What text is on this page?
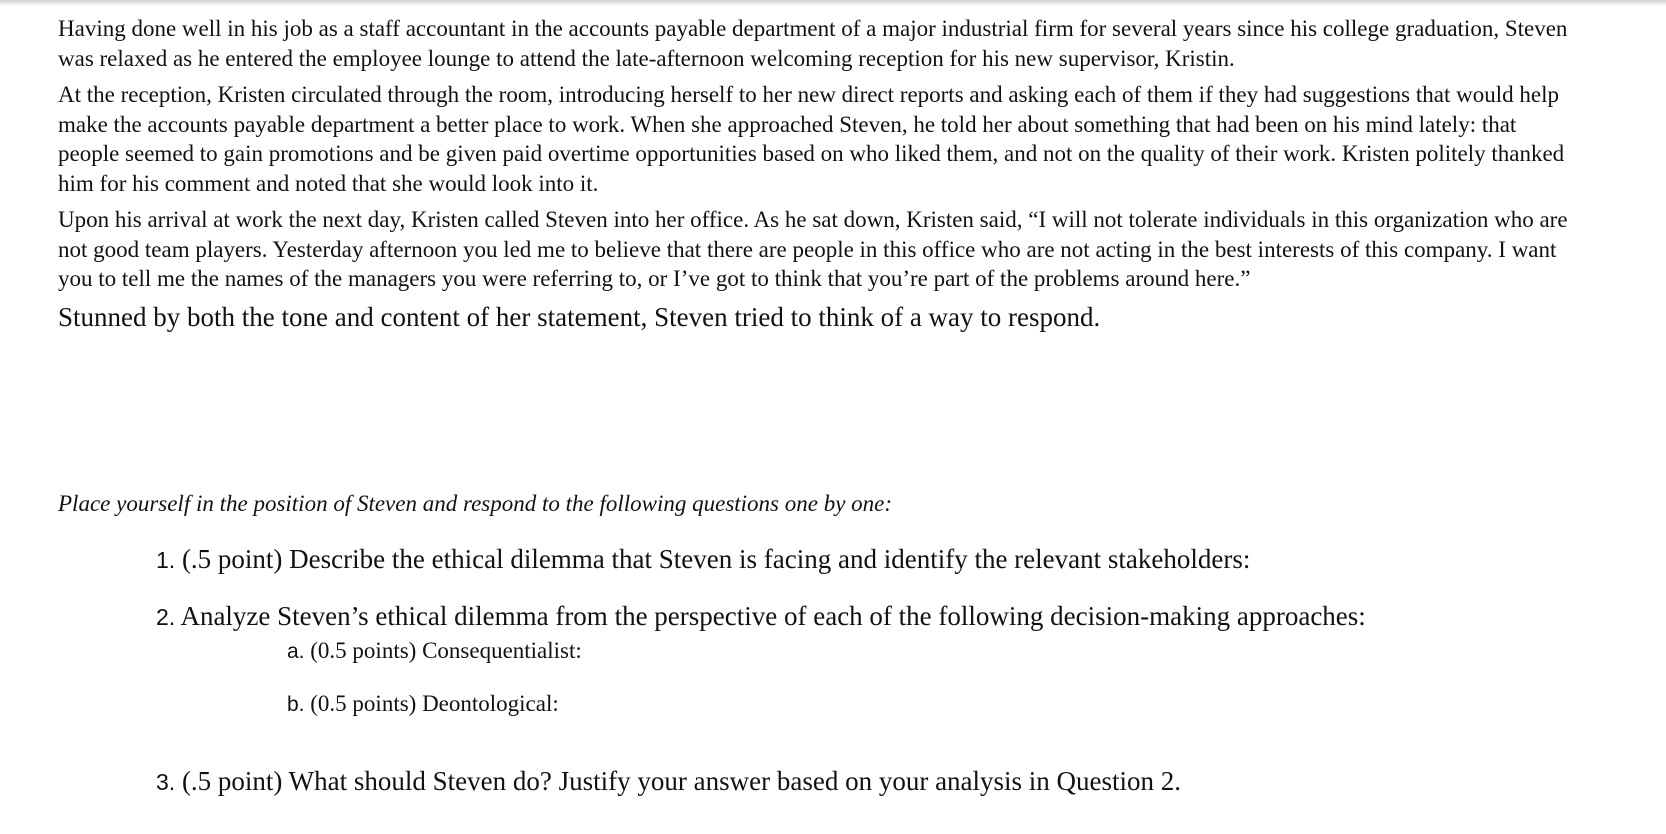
Having done well in his job as a staff accountant in the accounts payable department of a major industrial firm for several years since his college graduation, Steven was relaxed as he entered the employee lounge to attend the late-afternoon welcoming reception for his new supervisor, Kristin.

At the reception, Kristen circulated through the room, introducing herself to her new direct reports and asking each of them if they had suggestions that would help make the accounts payable department a better place to work. When she approached Steven, he told her about something that had been on his mind lately: that people seemed to gain promotions and be given paid overtime opportunities based on who liked them, and not on the quality of their work. Kristen politely thanked him for his comment and noted that she would look into it.

Upon his arrival at work the next day, Kristen called Steven into her office. As he sat down, Kristen said, “I will not tolerate individuals in this organization who are not good team players. Yesterday afternoon you led me to believe that there are people in this office who are not acting in the best interests of this company. I want you to tell me the names of the managers you were referring to, or I’ve got to think that you’re part of the problems around here.”

Stunned by both the tone and content of her statement, Steven tried to think of a way to respond.

Place yourself in the position of Steven and respond to the following questions one by one:

1. (.5 point) Describe the ethical dilemma that Steven is facing and identify the relevant stakeholders:

2. Analyze Steven’s ethical dilemma from the perspective of each of the following decision-making approaches:

a. (0.5 points) Consequentialist:

b. (0.5 points) Deontological:

3. (.5 point) What should Steven do? Justify your answer based on your analysis in Question 2.
